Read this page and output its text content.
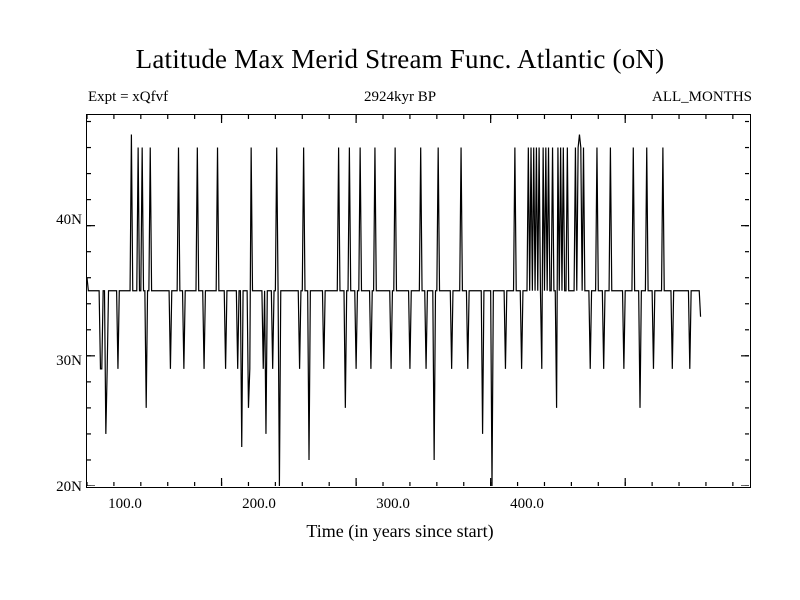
Latitude Max Merid Stream Func. Atlantic (oN)
Expt = xQfvf	2924kyr BP	ALL_MONTHS
40N
30N
20N
100.0	200.0	300.0	400.0
Time (in years since start)
